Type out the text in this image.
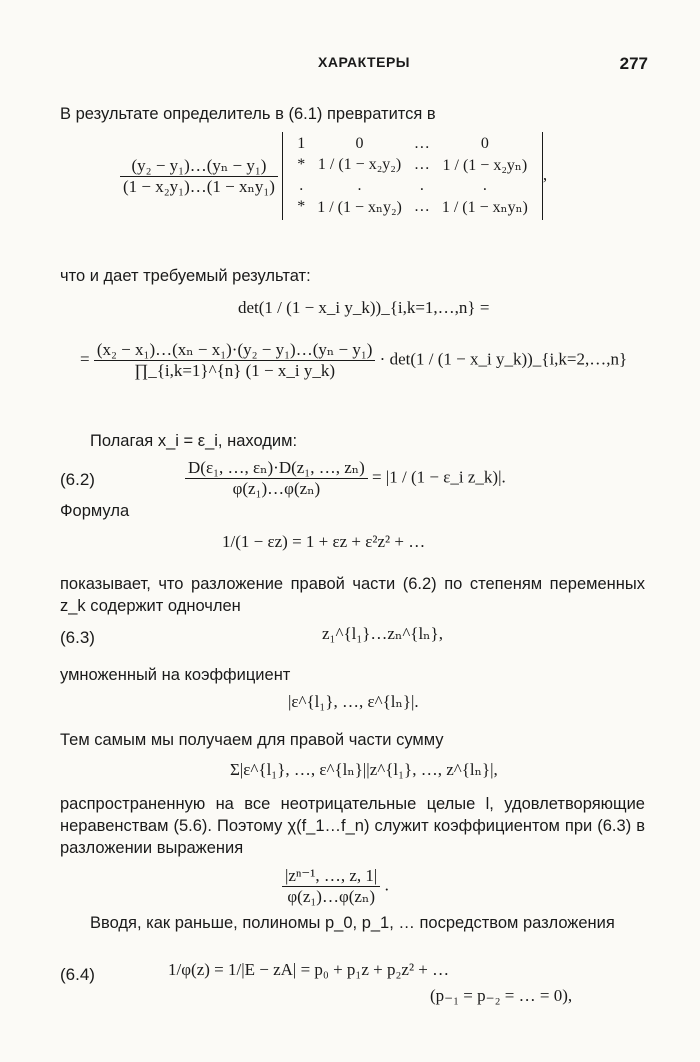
ХАРАКТЕРЫ	277
В результате определитель в (6.1) превратится в
$\frac{\text{(y₂ − y₁)…(yₙ − y₁)}}{\text{(1 − x₂y₁)…(1 − xₙy₁)}}$

1	0	…	0
*	1 / (1 − x₂y₂)	…	1 / (1 − x₂yₙ)
.	.	.	.
*	1 / (1 − xₙy₂)	…	1 / (1 − xₙyₙ)
,
что и дает требуемый результат:
det(1 / (1 − x_i y_k))_{i,k=1,…,n} =
= $\frac{\text{(x₂ − x₁)…(xₙ − x₁)·(y₂ − y₁)…(yₙ − y₁)}}{\text{∏\_\{i,k=1\}\textasciicircum{}\{n\} (1 − x\_i y\_k)}} \cdot \det(1 / (1$ − x_i y_k))_{i,k=2,…,n}
Полагая x_i = ε_i, находим:
(6.2)	$\frac{\text{D(ε₁, …, εₙ)·D(z₁, …, zₙ)}}{\text{φ(z₁)…φ(zₙ)}} = |1 / (1$ − ε_i z_k)|.
Формула
1/(1 − εz) = 1 + εz + ε²z² + …
показывает, что разложение правой части (6.2) по степеням переменных z_k содержит одночлен
(6.3)	z₁^{l₁}…zₙ^{lₙ},
умноженный на коэффициент
|ε^{l₁}, …, ε^{lₙ}|.
Тем самым мы получаем для правой части сумму
Σ|ε^{l₁}, …, ε^{lₙ}||z^{l₁}, …, z^{lₙ}|,
распространенную на все неотрицательные целые l, удовлетворяющие неравенствам (5.6). Поэтому χ(f_1…f_n) служит коэффициентом при (6.3) в разложении выражения
$\frac{\text{|zⁿ⁻¹, …, z, 1|}}{\text{φ(z₁)…φ(zₙ)}}$ .
Вводя, как раньше, полиномы p_0, p_1, … посредством разложения
(6.4)	1/φ(z) = 1/|E − zA| = p₀ + p₁z + p₂z² + …
(p₋₁ = p₋₂ = … = 0),
